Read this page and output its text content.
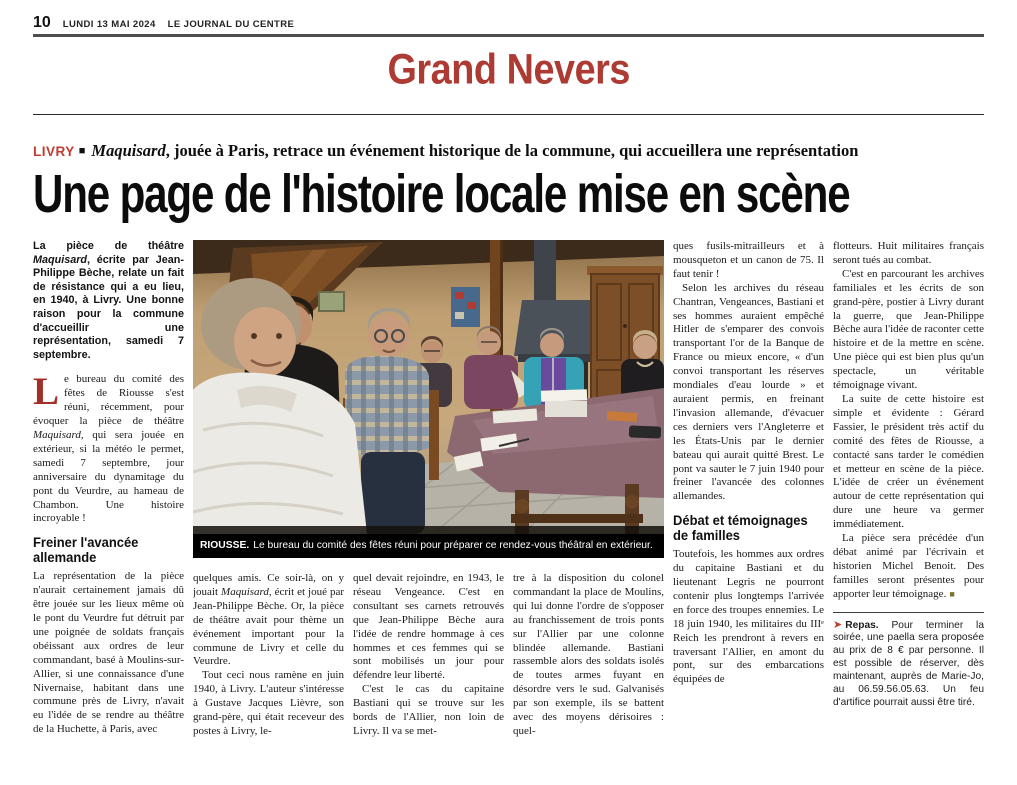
10 LUNDI 13 MAI 2024 LE JOURNAL DU CENTRE
Grand Nevers
LIVRY ■ Maquisard, jouée à Paris, retrace un événement historique de la commune, qui accueillera une représentation
Une page de l'histoire locale mise en scène
RIOUSSE. Le bureau du comité des fêtes réuni pour préparer ce rendez-vous théâtral en extérieur.

La pièce de théâtre Maquisard, écrite par Jean-Philippe Bèche, relate un fait de résistance qui a eu lieu, en 1940, à Livry. Une bonne raison pour la commune d'accueillir une représentation, samedi 7 septembre.

Le bureau du comité des fêtes de Riousse s'est réuni, récemment, pour évoquer la pièce de théâtre Maquisard, qui sera jouée en extérieur, si la météo le permet, samedi 7 septembre, jour anniversaire du dynamitage du pont du Veurdre, au hameau de Chambon. Une histoire incroyable !

Freiner l'avancée allemande

La représentation de la pièce n'aurait certainement jamais dû être jouée sur les lieux même où le pont du Veurdre fut détruit par une poignée de soldats français obéissant aux ordres de leur commandant, basé à Moulins-sur-Allier, si une connaissance d'une Nivernaise, habitant dans une commune près de Livry, n'avait eu l'idée de se rendre au théâtre de la Huchette, à Paris, avec

quelques amis. Ce soir-là, on y jouait Maquisard, écrit et joué par Jean-Philippe Bèche. Or, la pièce de théâtre avait pour thème un événement important pour la commune de Livry et celle du Veurdre.

Tout ceci nous ramène en juin 1940, à Livry. L'auteur s'intéresse à Gustave Jacques Lièvre, son grand-père, qui était receveur des postes à Livry, le-

quel devait rejoindre, en 1943, le réseau Vengeance. C'est en consultant ses carnets retrouvés que Jean-Philippe Bèche aura l'idée de rendre hommage à ces hommes et ces femmes qui se sont mobilisés un jour pour défendre leur liberté.

C'est le cas du capitaine Bastiani qui se trouve sur les bords de l'Allier, non loin de Livry. Il va se met-

tre à la disposition du colonel commandant la place de Moulins, qui lui donne l'ordre de s'opposer au franchissement de trois ponts sur l'Allier par une colonne blindée allemande. Bastiani rassemble alors des soldats isolés de toutes armes fuyant en désordre vers le sud. Galvanisés par son exemple, ils se battent avec des moyens dérisoires : quel-

ques fusils-mitrailleurs et à mousqueton et un canon de 75. Il faut tenir !

Selon les archives du réseau Chantran, Vengeances, Bastiani et ses hommes auraient empêché Hitler de s'emparer des convois transportant l'or de la Banque de France ou mieux encore, « d'un convoi transportant les réserves mondiales d'eau lourde » et auraient permis, en freinant l'invasion allemande, d'évacuer ces derniers vers l'Angleterre et les États-Unis par le dernier bateau qui aurait quitté Brest. Le pont va sauter le 7 juin 1940 pour freiner l'avancée des colonnes allemandes.

Débat et témoignages de familles

Toutefois, les hommes aux ordres du capitaine Bastiani et du lieutenant Legris ne pourront contenir plus longtemps l'arrivée en force des troupes ennemies. Le 18 juin 1940, les militaires du IIIᵉ Reich les prendront à revers en traversant l'Allier, en amont du pont, sur des embarcations équipées de

flotteurs. Huit militaires français seront tués au combat.

C'est en parcourant les archives familiales et les écrits de son grand-père, postier à Livry durant la guerre, que Jean-Philippe Bèche aura l'idée de raconter cette histoire et de la mettre en scène. Une pièce qui est bien plus qu'un spectacle, un véritable témoignage vivant.

La suite de cette histoire est simple et évidente : Gérard Fassier, le président très actif du comité des fêtes de Riousse, a contacté sans tarder le comédien et metteur en scène de la pièce. L'idée de créer un événement autour de cette représentation qui dure une heure va germer immédiatement.

La pièce sera précédée d'un débat animé par l'écrivain et historien Michel Benoit. Des familles seront présentes pour apporter leur témoignage. ■

➤ Repas. Pour terminer la soirée, une paella sera proposée au prix de 8 € par personne. Il est possible de réserver, dès maintenant, auprès de Marie-Jo, au 06.59.56.05.63. Un feu d'artifice pourrait aussi être tiré.
